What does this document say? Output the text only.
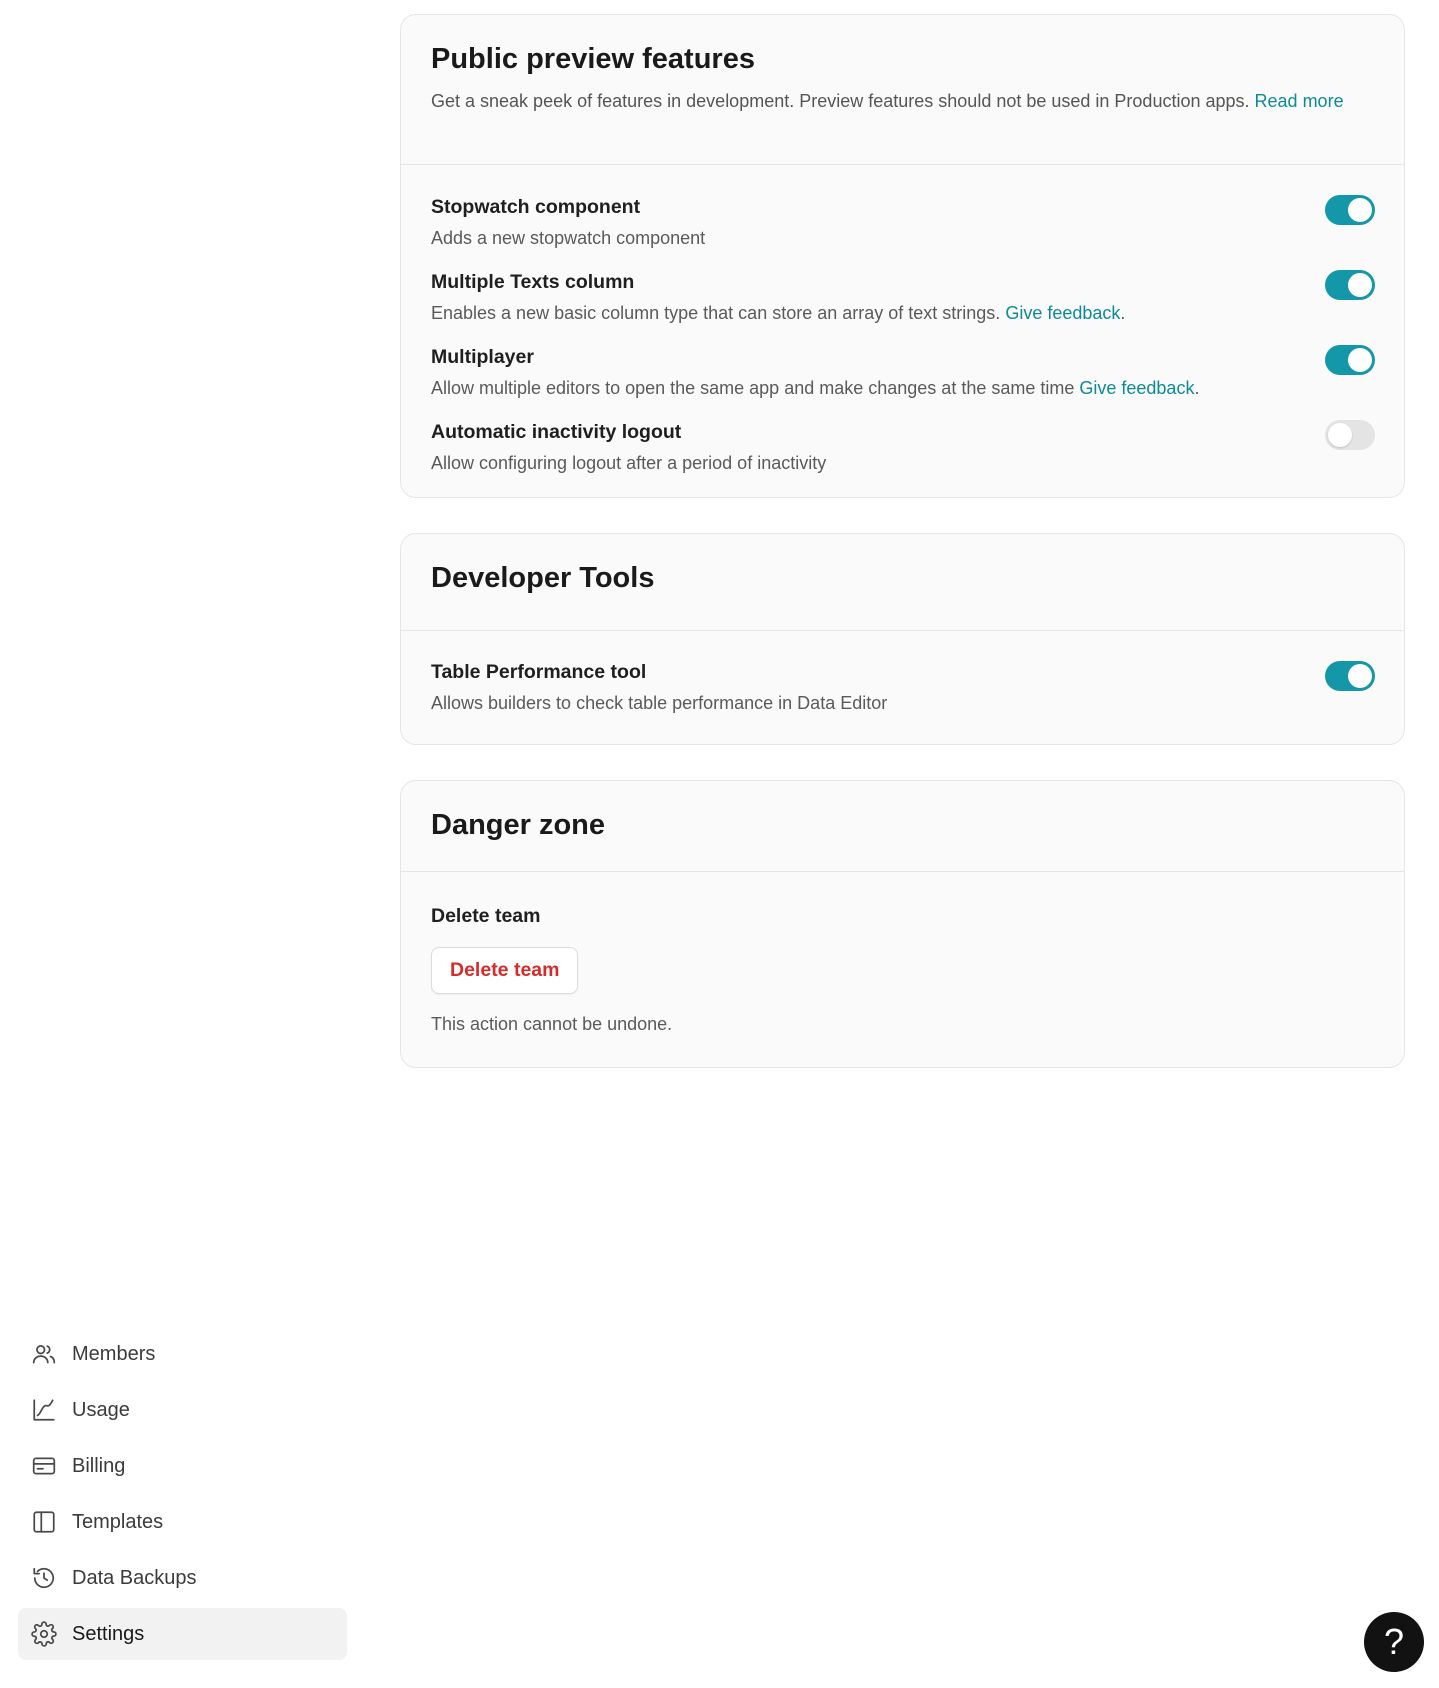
Public preview features

Get a sneak peek of features in development. Preview features should not be used in Production apps. Read more

Stopwatch component
Adds a new stopwatch component
Multiple Texts column
Enables a new basic column type that can store an array of text strings. Give feedback.
Multiplayer
Allow multiple editors to open the same app and make changes at the same time Give feedback.
Automatic inactivity logout
Allow configuring logout after a period of inactivity
Developer Tools
Table Performance tool
Allows builders to check table performance in Data Editor
Danger zone
Delete team
Delete team
This action cannot be undone.
Members
Usage
Billing
Templates
Data Backups
Settings	?
